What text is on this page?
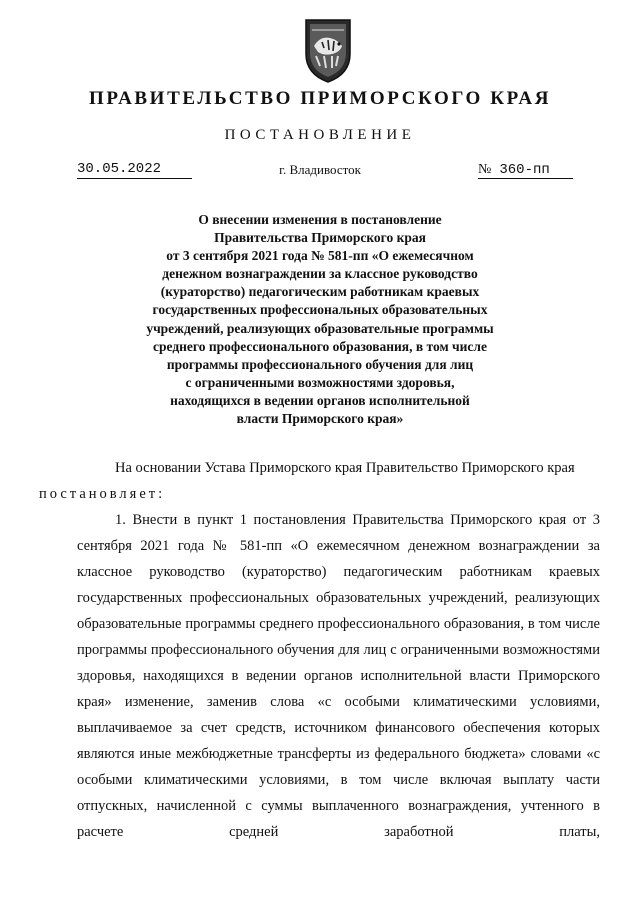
ПРАВИТЕЛЬСТВО ПРИМОРСКОГО КРАЯ
ПОСТАНОВЛЕНИЕ
30.05.2022	г. Владивосток	№ 360-пп
О внесении изменения в постановление
Правительства Приморского края
от 3 сентября 2021 года № 581-пп «О ежемесячном
денежном вознаграждении за классное руководство
(кураторство) педагогическим работникам краевых
государственных профессиональных образовательных
учреждений, реализующих образовательные программы
среднего профессионального образования, в том числе
программы профессионального обучения для лиц
с ограниченными возможностями здоровья,
находящихся в ведении органов исполнительной
власти Приморского края»

На основании Устава Приморского края Правительство Приморского края
постановляет:

1. Внести в пункт 1 постановления Правительства Приморского края от 3 сентября 2021 года № 581-пп «О ежемесячном денежном вознаграждении за классное руководство (кураторство) педагогическим работникам краевых государственных профессиональных образовательных учреждений, реализующих образовательные программы среднего профессионального образования, в том числе программы профессионального обучения для лиц с ограниченными возможностями здоровья, находящихся в ведении органов исполнительной власти Приморского края» изменение, заменив слова «с особыми климатическими условиями, выплачиваемое за счет средств, источником финансового обеспечения которых являются иные межбюджетные трансферты из федерального бюджета» словами «с особыми климатическими условиями, в том числе включая выплату части отпускных, начисленной с суммы выплаченного вознаграждения, учтенного в расчете средней заработной платы,
